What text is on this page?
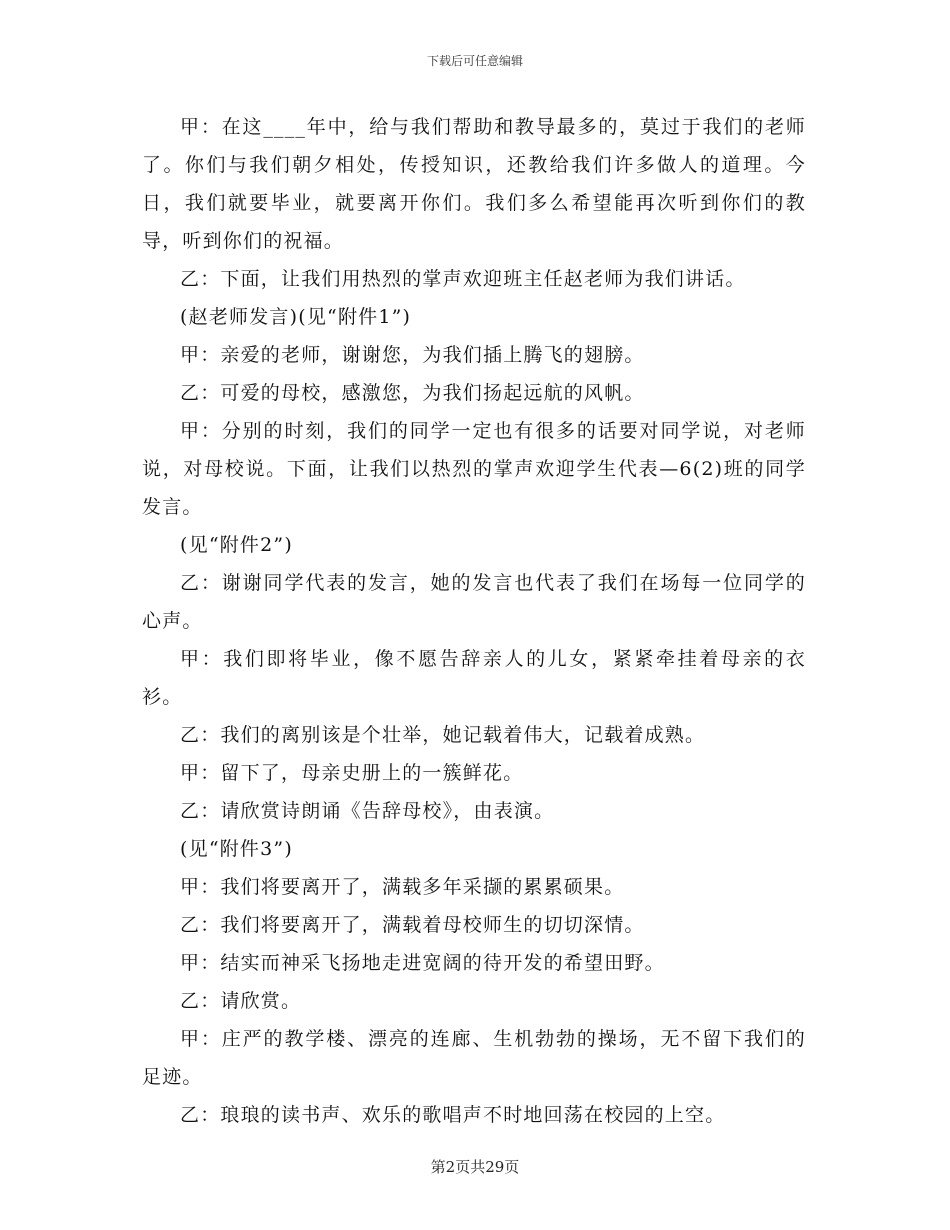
下载后可任意编辑

甲：在这____年中，给与我们帮助和教导最多的，莫过于我们的老师了。你们与我们朝夕相处，传授知识，还教给我们许多做人的道理。今日，我们就要毕业，就要离开你们。我们多么希望能再次听到你们的教导，听到你们的祝福。

乙：下面，让我们用热烈的掌声欢迎班主任赵老师为我们讲话。

(赵老师发言)(见“附件1”)

甲：亲爱的老师，谢谢您，为我们插上腾飞的翅膀。

乙：可爱的母校，感激您，为我们扬起远航的风帆。

甲：分别的时刻，我们的同学一定也有很多的话要对同学说，对老师说，对母校说。下面，让我们以热烈的掌声欢迎学生代表—6(2)班的同学发言。

(见“附件2”)

乙：谢谢同学代表的发言，她的发言也代表了我们在场每一位同学的心声。

甲：我们即将毕业，像不愿告辞亲人的儿女，紧紧牵挂着母亲的衣衫。

乙：我们的离别该是个壮举，她记载着伟大，记载着成熟。

甲：留下了，母亲史册上的一簇鲜花。

乙：请欣赏诗朗诵《告辞母校》，由表演。

(见“附件3”)

甲：我们将要离开了，满载多年采撷的累累硕果。

乙：我们将要离开了，满载着母校师生的切切深情。

甲：结实而神采飞扬地走进宽阔的待开发的希望田野。

乙：请欣赏。

甲：庄严的教学楼、漂亮的连廊、生机勃勃的操场，无不留下我们的足迹。

乙：琅琅的读书声、欢乐的歌唱声不时地回荡在校园的上空。

第2页共29页
